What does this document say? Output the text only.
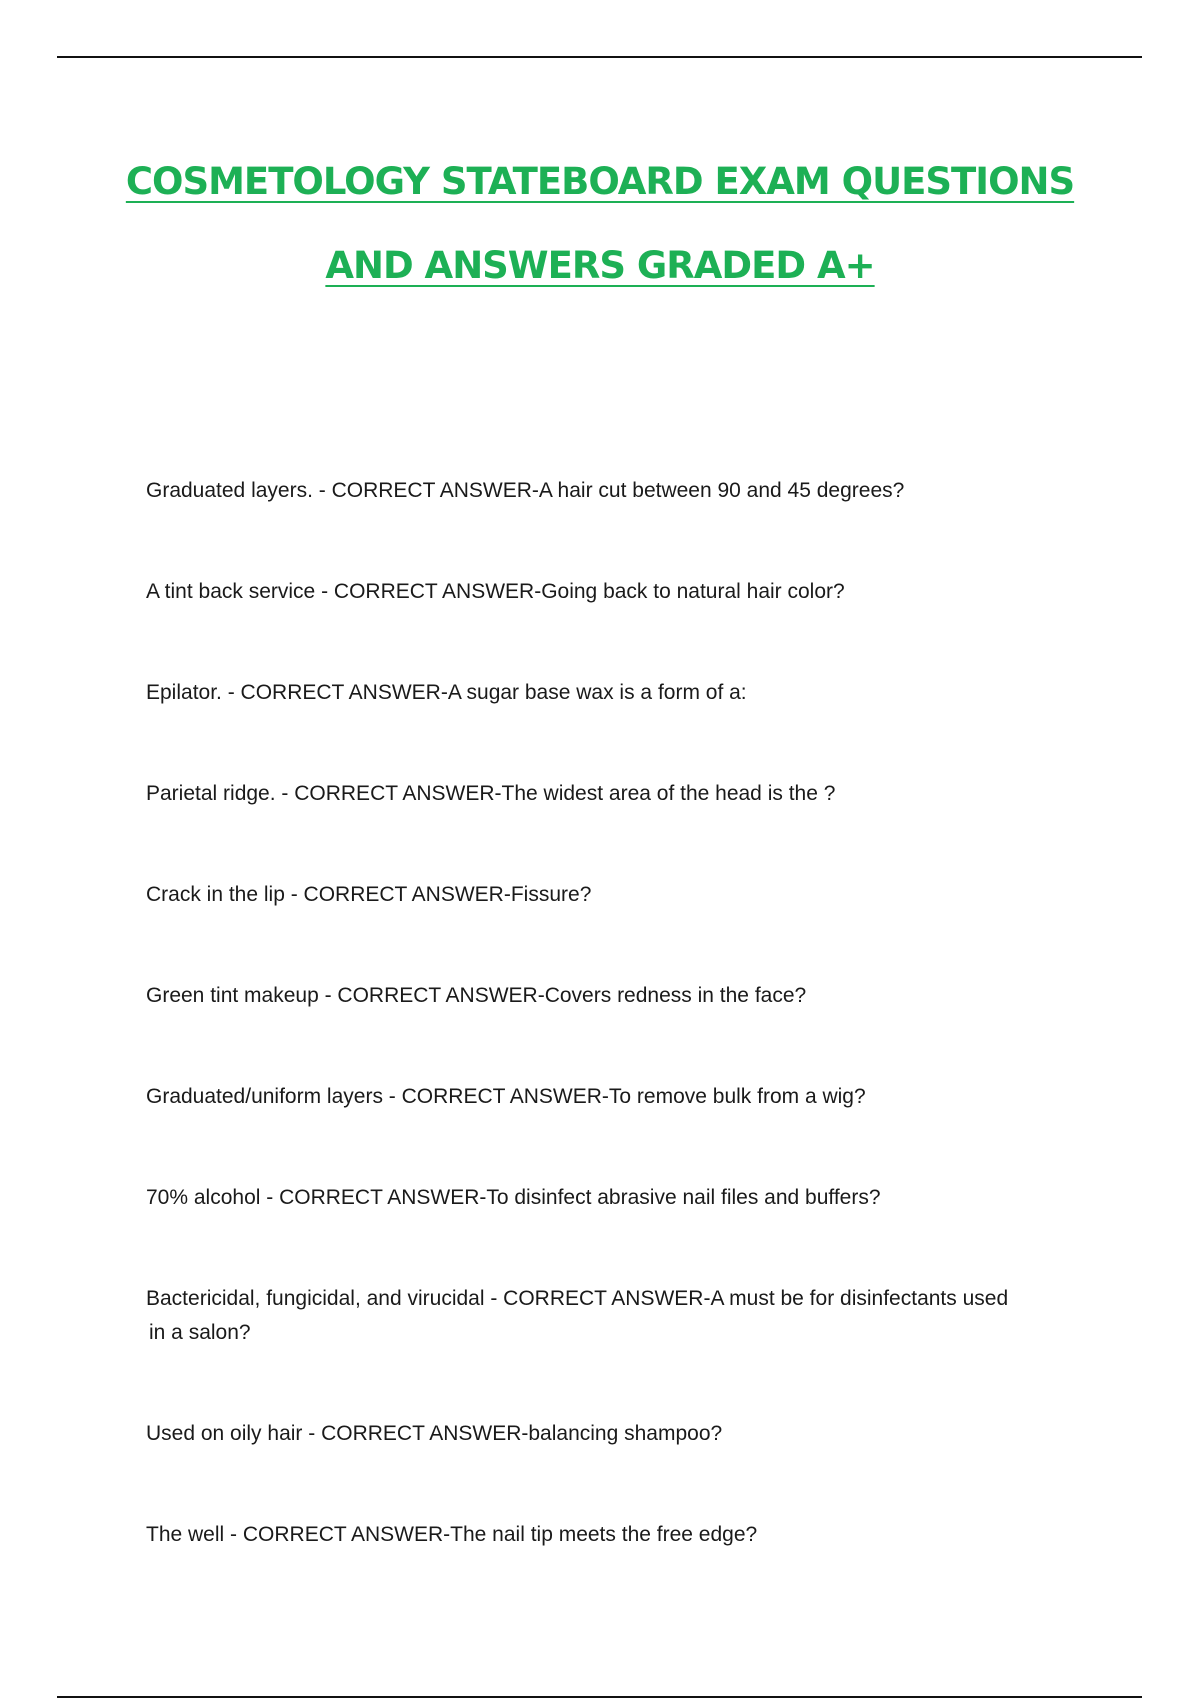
COSMETOLOGY STATEBOARD EXAM QUESTIONS
AND ANSWERS GRADED A+
Graduated layers. - CORRECT ANSWER-A hair cut between 90 and 45 degrees?
A tint back service - CORRECT ANSWER-Going back to natural hair color?
Epilator. - CORRECT ANSWER-A sugar base wax is a form of a:
Parietal ridge. - CORRECT ANSWER-The widest area of the head is the ?
Crack in the lip - CORRECT ANSWER-Fissure?
Green tint makeup - CORRECT ANSWER-Covers redness in the face?
Graduated/uniform layers - CORRECT ANSWER-To remove bulk from a wig?
70% alcohol - CORRECT ANSWER-To disinfect abrasive nail files and buffers?
Bactericidal, fungicidal, and virucidal - CORRECT ANSWER-A must be for disinfectants used
in a salon?
Used on oily hair - CORRECT ANSWER-balancing shampoo?
The well - CORRECT ANSWER-The nail tip meets the free edge?
